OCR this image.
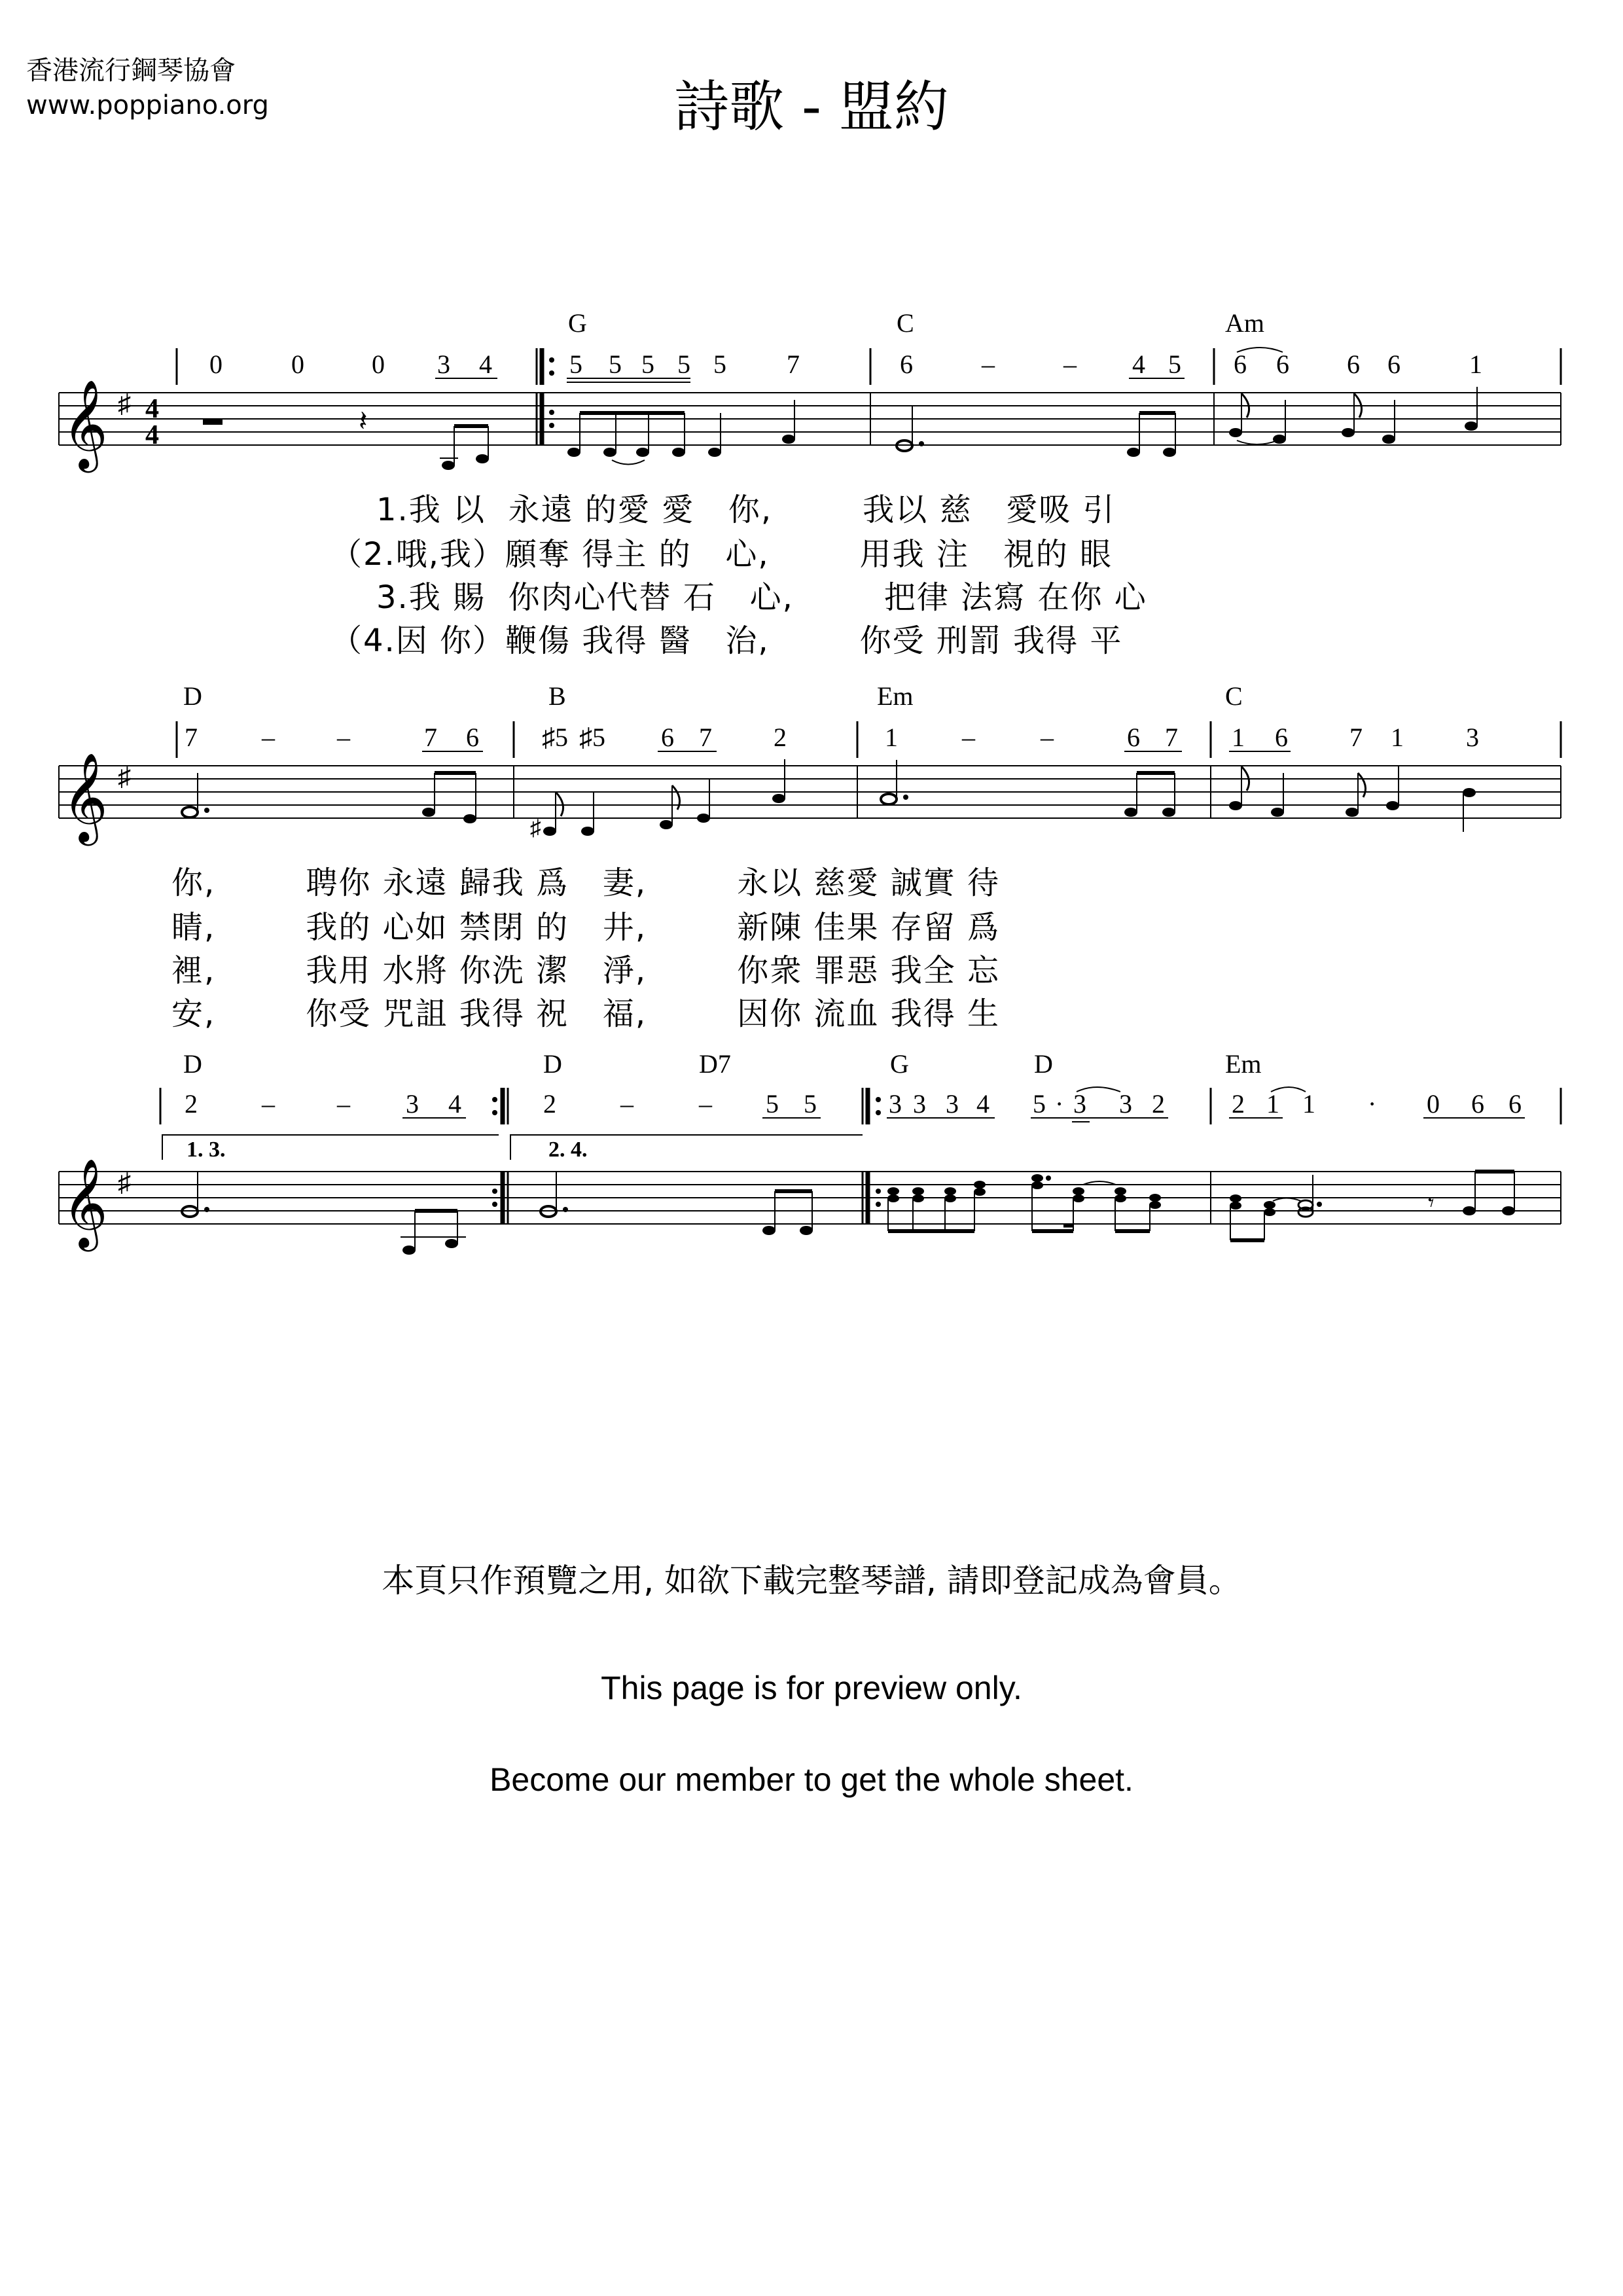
香港流行鋼琴協會
www.poppiano.org	詩歌 - 盟約
G	C	Am
0	0	0 3 4	5 5 5 5 5 7	6	–	– 4 5 6 6 6 6	1
𝄞 ♯ 4
4	𝄽
1.我 以  永遠 的愛 愛   你,        我以 慈   愛吸 引
（2.哦,我）願奪 得主 的   心,        用我 注   視的 眼
3.我 賜  你肉心代替 石   心,        把律 法寫 在你 心
（4.因 你）鞭傷 我得 醫   治,        你受 刑罰 我得 平
D	B	Em	C
7 – –	7 6 ♯5 ♯5 6 7 2	1 –	–	6 7 1 6 7 1 3
𝄞 ♯
♯
你,        聘你 永遠 歸我 爲   妻,        永以 慈愛 誠實 待
睛,        我的 心如 禁閉 的   井,        新陳 佳果 存留 爲
裡,        我用 水將 你洗 潔   淨,        你衆 罪惡 我全 忘
安,        你受 咒詛 我得 祝   福,        因你 流血 我得 生
D	D	D7	G	D	Em
1. 3.	2. 4.
2 – – 3 4	2 –	– 5 5	3 3 3 4 5 · 3 3 2	2 1 1 · 0 6 6
𝄞 ♯
𝄾
本頁只作預覽之用, 如欲下載完整琴譜, 請即登記成為會員。
This page is for preview only.
Become our member to get the whole sheet.
